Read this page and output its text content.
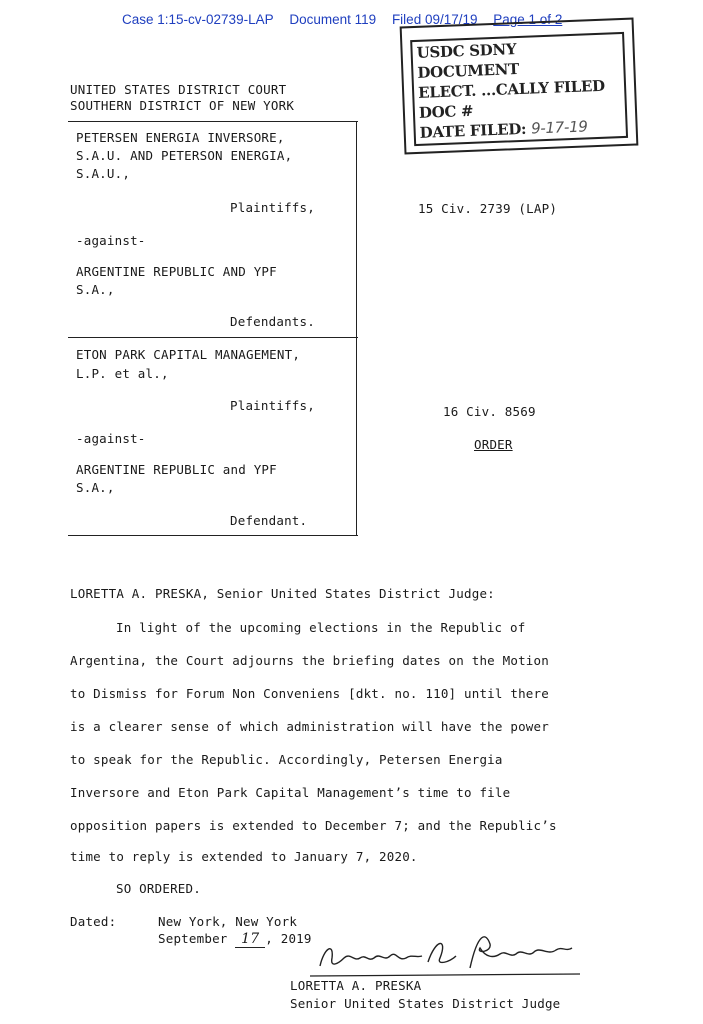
Case 1:15-cv-02739-LAP Document 119 Filed 09/17/19 Page 1 of 2
USDC SDNY
DOCUMENT
ELECT. ...CALLY FILED
DOC #
DATE FILED: 9-17-19
UNITED STATES DISTRICT COURT
SOUTHERN DISTRICT OF NEW YORK
PETERSEN ENERGIA INVERSORE,
S.A.U. AND PETERSON ENERGIA,
S.A.U.,
Plaintiffs,
-against-
ARGENTINE REPUBLIC AND YPF
S.A.,
Defendants.
15 Civ. 2739 (LAP)
ETON PARK CAPITAL MANAGEMENT,
L.P. et al.,
Plaintiffs,
-against-
ARGENTINE REPUBLIC and YPF
S.A.,
Defendant.
16 Civ. 8569
ORDER
LORETTA A. PRESKA, Senior United States District Judge:
In light of the upcoming elections in the Republic of
Argentina, the Court adjourns the briefing dates on the Motion
to Dismiss for Forum Non Conveniens [dkt. no. 110] until there
is a clearer sense of which administration will have the power
to speak for the Republic. Accordingly, Petersen Energia
Inversore and Eton Park Capital Management’s time to file
opposition papers is extended to December 7; and the Republic’s
time to reply is extended to January 7, 2020.
SO ORDERED.
Dated:	New York, New York
September 17 , 2019
LORETTA A. PRESKA
Senior United States District Judge
